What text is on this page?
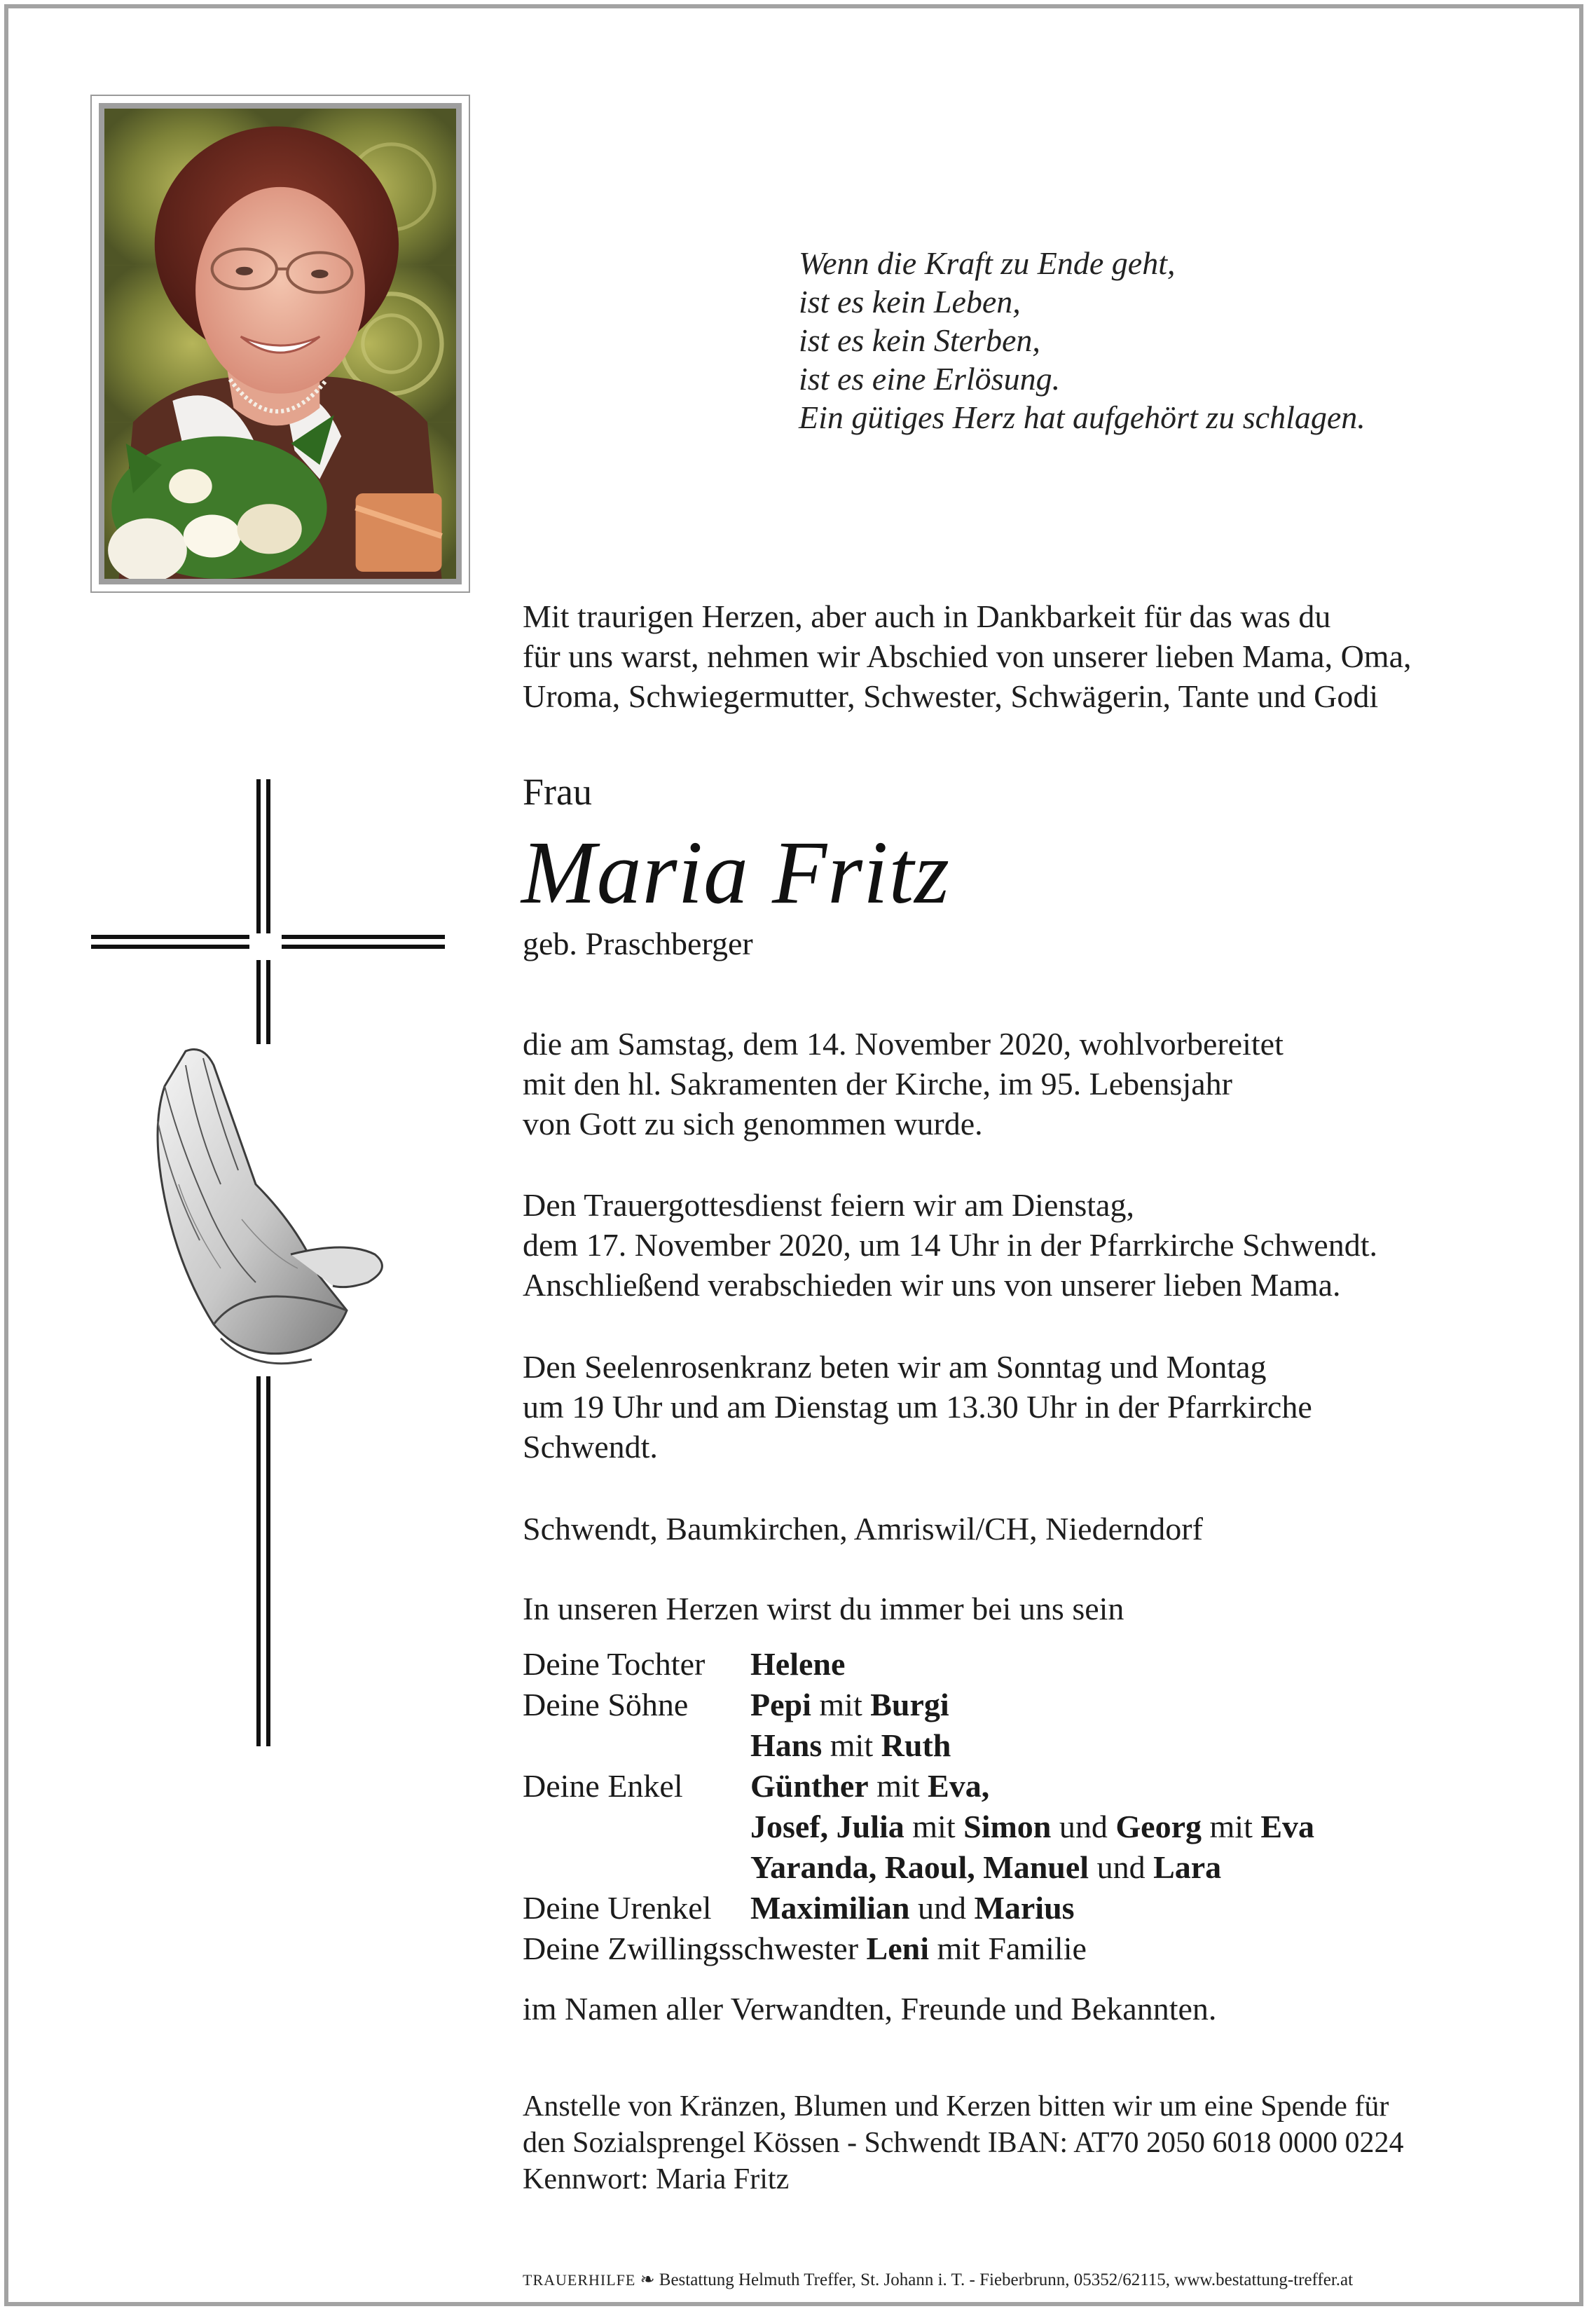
Wenn die Kraft zu Ende geht,
ist es kein Leben,
ist es kein Sterben,
ist es eine Erlösung.
Ein gütiges Herz hat aufgehört zu schlagen.
Mit traurigen Herzen, aber auch in Dankbarkeit für das was du
für uns warst, nehmen wir Abschied von unserer lieben Mama, Oma,
Uroma, Schwiegermutter, Schwester, Schwägerin, Tante und Godi
Frau
Maria Fritz
geb. Praschberger
die am Samstag, dem 14. November 2020, wohlvorbereitet
mit den hl. Sakramenten der Kirche, im 95. Lebensjahr
von Gott zu sich genommen wurde.
Den Trauergottesdienst feiern wir am Dienstag,
dem 17. November 2020, um 14 Uhr in der Pfarrkirche Schwendt.
Anschließend verabschieden wir uns von unserer lieben Mama.
Den Seelenrosenkranz beten wir am Sonntag und Montag
um 19 Uhr und am Dienstag um 13.30 Uhr in der Pfarrkirche
Schwendt.
Schwendt, Baumkirchen, Amriswil/CH, Niederndorf
In unseren Herzen wirst du immer bei uns sein
Deine Tochter Helene
Deine Söhne Pepi mit Burgi
Hans mit Ruth
Deine Enkel Günther mit Eva,
Josef, Julia mit Simon und Georg mit Eva
Yaranda, Raoul, Manuel und Lara
Deine Urenkel Maximilian und Marius
Deine Zwillingsschwester Leni mit Familie
im Namen aller Verwandten, Freunde und Bekannten.
Anstelle von Kränzen, Blumen und Kerzen bitten wir um eine Spende für
den Sozialsprengel Kössen - Schwendt IBAN: AT70 2050 6018 0000 0224
Kennwort: Maria Fritz
TRAUERHILFE ❧ Bestattung Helmuth Treffer, St. Johann i. T. - Fieberbrunn, 05352/62115, www.bestattung-treffer.at
